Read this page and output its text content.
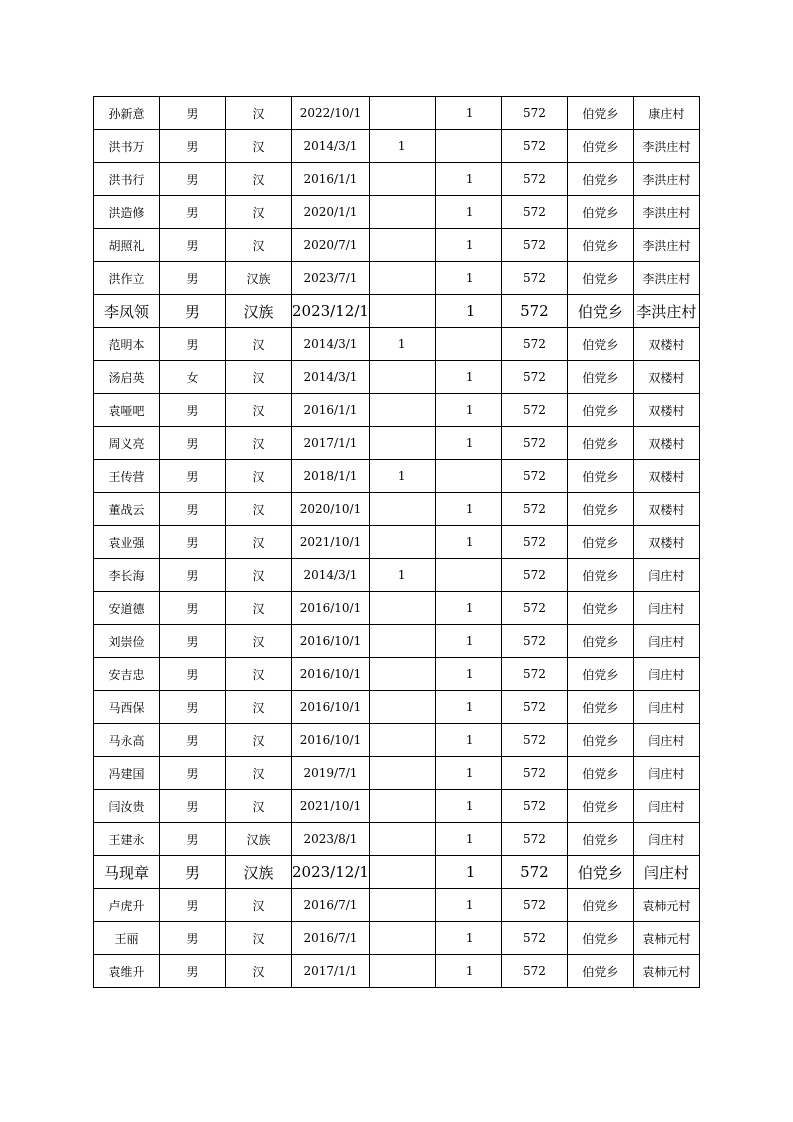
孙新意	男	汉	2022/10/1		1	572	伯党乡	康庄村
洪书万	男	汉	2014/3/1	1		572	伯党乡	李洪庄村
洪书行	男	汉	2016/1/1		1	572	伯党乡	李洪庄村
洪造修	男	汉	2020/1/1		1	572	伯党乡	李洪庄村
胡照礼	男	汉	2020/7/1		1	572	伯党乡	李洪庄村
洪作立	男	汉族	2023/7/1		1	572	伯党乡	李洪庄村
李凤领	男	汉族	2023/12/1		1	572	伯党乡	李洪庄村
范明本	男	汉	2014/3/1	1		572	伯党乡	双楼村
汤启英	女	汉	2014/3/1		1	572	伯党乡	双楼村
袁哑吧	男	汉	2016/1/1		1	572	伯党乡	双楼村
周义亮	男	汉	2017/1/1		1	572	伯党乡	双楼村
王传营	男	汉	2018/1/1	1		572	伯党乡	双楼村
董战云	男	汉	2020/10/1		1	572	伯党乡	双楼村
袁业强	男	汉	2021/10/1		1	572	伯党乡	双楼村
李长海	男	汉	2014/3/1	1		572	伯党乡	闫庄村
安道德	男	汉	2016/10/1		1	572	伯党乡	闫庄村
刘崇俭	男	汉	2016/10/1		1	572	伯党乡	闫庄村
安吉忠	男	汉	2016/10/1		1	572	伯党乡	闫庄村
马西保	男	汉	2016/10/1		1	572	伯党乡	闫庄村
马永高	男	汉	2016/10/1		1	572	伯党乡	闫庄村
冯建国	男	汉	2019/7/1		1	572	伯党乡	闫庄村
闫汝贵	男	汉	2021/10/1		1	572	伯党乡	闫庄村
王建永	男	汉族	2023/8/1		1	572	伯党乡	闫庄村
马现章	男	汉族	2023/12/1		1	572	伯党乡	闫庄村
卢虎升	男	汉	2016/7/1		1	572	伯党乡	袁柿元村
王丽	男	汉	2016/7/1		1	572	伯党乡	袁柿元村
袁维升	男	汉	2017/1/1		1	572	伯党乡	袁柿元村
